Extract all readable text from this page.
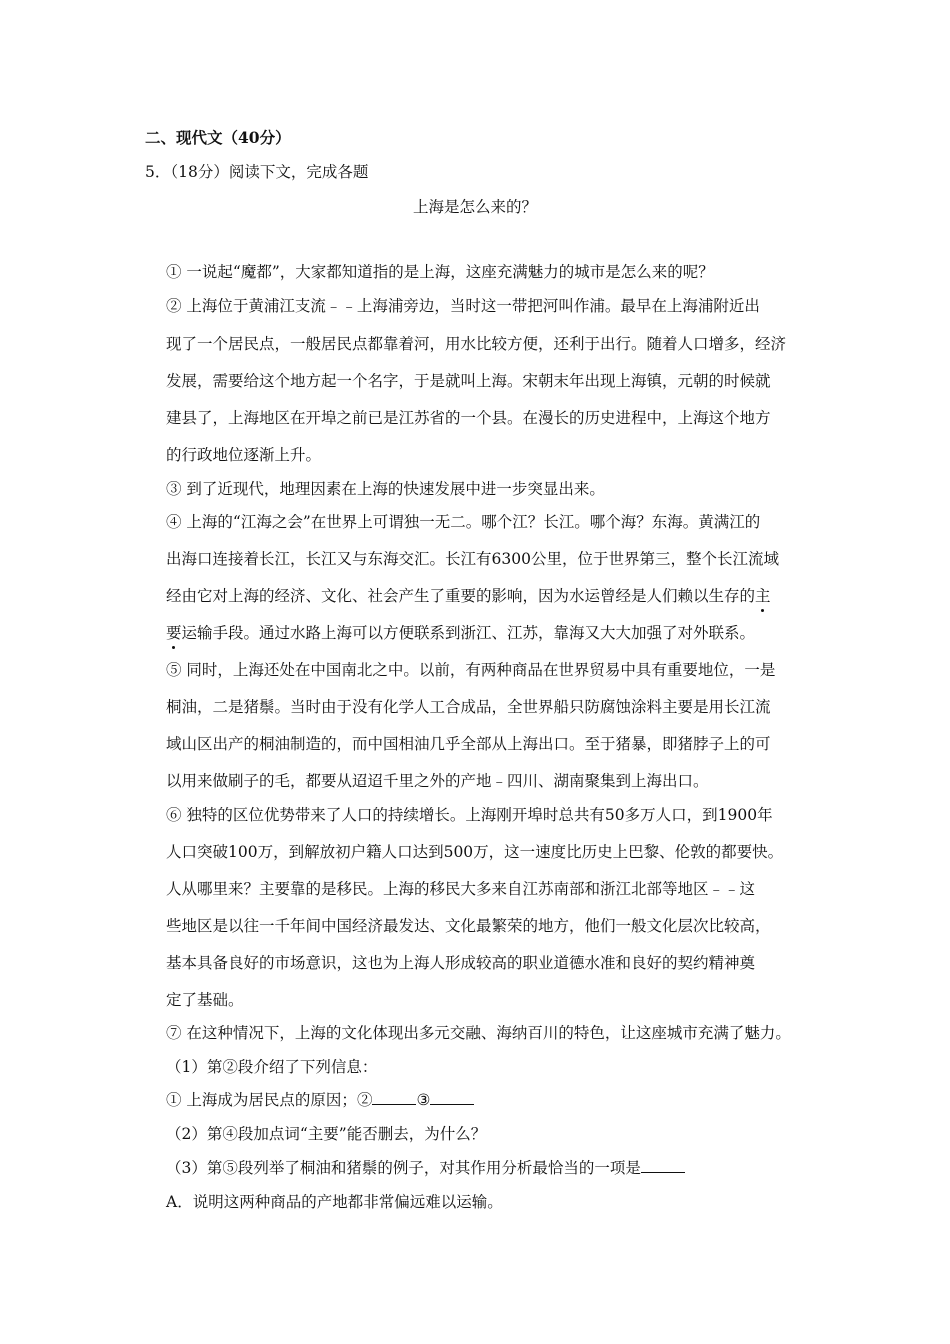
二、现代文（40分）
5．（18分）阅读下文，完成各题
上海是怎么来的？
① 一说起“魔都”，大家都知道指的是上海，这座充满魅力的城市是怎么来的呢？
② 上海位于黄浦江支流﹣﹣上海浦旁边，当时这一带把河叫作浦。最早在上海浦附近出
现了一个居民点，一般居民点都靠着河，用水比较方便，还利于出行。随着人口增多，经济
发展，需要给这个地方起一个名字，于是就叫上海。宋朝末年出现上海镇，元朝的时候就
建县了，上海地区在开埠之前已是江苏省的一个县。在漫长的历史进程中，上海这个地方
的行政地位逐渐上升。
③ 到了近现代，地理因素在上海的快速发展中进一步突显出来。
④ 上海的“江海之会”在世界上可谓独一无二。哪个江？长江。哪个海？东海。黄满江的
出海口连接着长江，长江又与东海交汇。长江有6300公里，位于世界第三，整个长江流域
经由它对上海的经济、文化、社会产生了重要的影响，因为水运曾经是人们赖以生存的主
要运输手段。通过水路上海可以方便联系到浙江、江苏，靠海又大大加强了对外联系。
⑤ 同时，上海还处在中国南北之中。以前，有两种商品在世界贸易中具有重要地位，一是
桐油，二是猪鬃。当时由于没有化学人工合成品，全世界船只防腐蚀涂料主要是用长江流
域山区出产的桐油制造的，而中国相油几乎全部从上海出口。至于猪暴，即猪脖子上的可
以用来做刷子的毛，都要从迢迢千里之外的产地﹣四川、湖南聚集到上海出口。
⑥ 独特的区位优势带来了人口的持续增长。上海刚开埠时总共有50多万人口，到1900年
人口突破100万，到解放初户籍人口达到500万，这一速度比历史上巴黎、伦敦的都要快。
人从哪里来？主要靠的是移民。上海的移民大多来自江苏南部和浙江北部等地区﹣﹣这
些地区是以往一千年间中国经济最发达、文化最繁荣的地方，他们一般文化层次比较高，
基本具备良好的市场意识，这也为上海人形成较高的职业道德水准和良好的契约精神奠
定了基础。
⑦ 在这种情况下，上海的文化体现出多元交融、海纳百川的特色，让这座城市充满了魅力。
（1）第②段介绍了下列信息：
① 上海成为居民点的原因；②	③
（2）第④段加点词“主要”能否删去，为什么？
（3）第⑤段列举了桐油和猪鬃的例子，对其作用分析最恰当的一项是
A．说明这两种商品的产地都非常偏远难以运输。
